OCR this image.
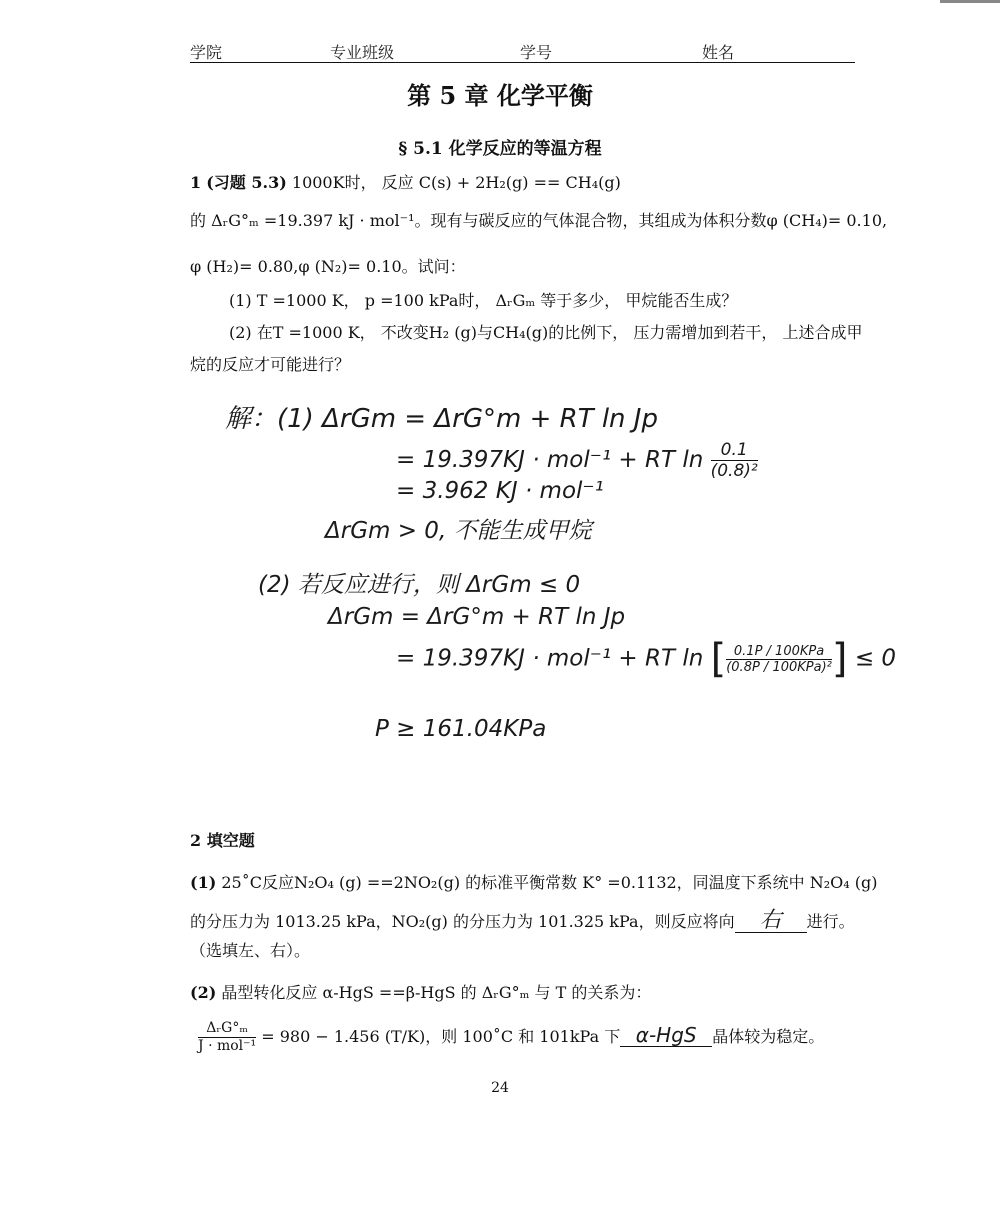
学院	专业班级	学号	姓名
第 5 章 化学平衡
§ 5.1 化学反应的等温方程
1 (习题 5.3) 1000K时， 反应 C(s) + 2H₂(g) == CH₄(g)
的 ΔᵣG°ₘ =19.397 kJ · mol⁻¹。现有与碳反应的气体混合物，其组成为体积分数φ (CH₄)= 0.10,
φ (H₂)= 0.80,φ (N₂)= 0.10。试问：
(1) T =1000 K， p =100 kPa时， ΔᵣGₘ 等于多少， 甲烷能否生成？
(2) 在T =1000 K， 不改变H₂ (g)与CH₄(g)的比例下， 压力需增加到若干， 上述合成甲
烷的反应才可能进行？
解：(1) ΔrGm = ΔrG°m + RT ln Jp
= 19.397KJ · mol⁻¹ + RT $\ln \frac{0.1}{\text{(0.8)²}}$
= 3.962 KJ · mol⁻¹
ΔrGm > 0, 不能生成甲烷
(2) 若反应进行，则 ΔrGm ≤ 0
ΔrGm = ΔrG°m + RT ln Jp
= 19.397KJ · mol⁻¹ + RT ln [ $\frac{\text{0.1P / 100KPa}}{\text{(0.8P / 100KPa)²}}$ ] ≤ 0
P ≥ 161.04KPa
2 填空题
(1) 25˚C反应N₂O₄ (g) ==2NO₂(g) 的标准平衡常数 K° =0.1132，同温度下系统中 N₂O₄ (g)
的分压力为 1013.25 kPa，NO₂(g) 的分压力为 101.325 kPa，则反应将向 右 进行。
（选填左、右）。
(2) 晶型转化反应 α-HgS ==β-HgS 的 ΔᵣG°ₘ 与 T 的关系为：
$\frac{\text{ΔᵣG°ₘ}}{\text{J · mol⁻¹}} = 980 - 1.456$ (T/K)，则 100˚C 和 101kPa 下 α-HgS 晶体较为稳定。
24
